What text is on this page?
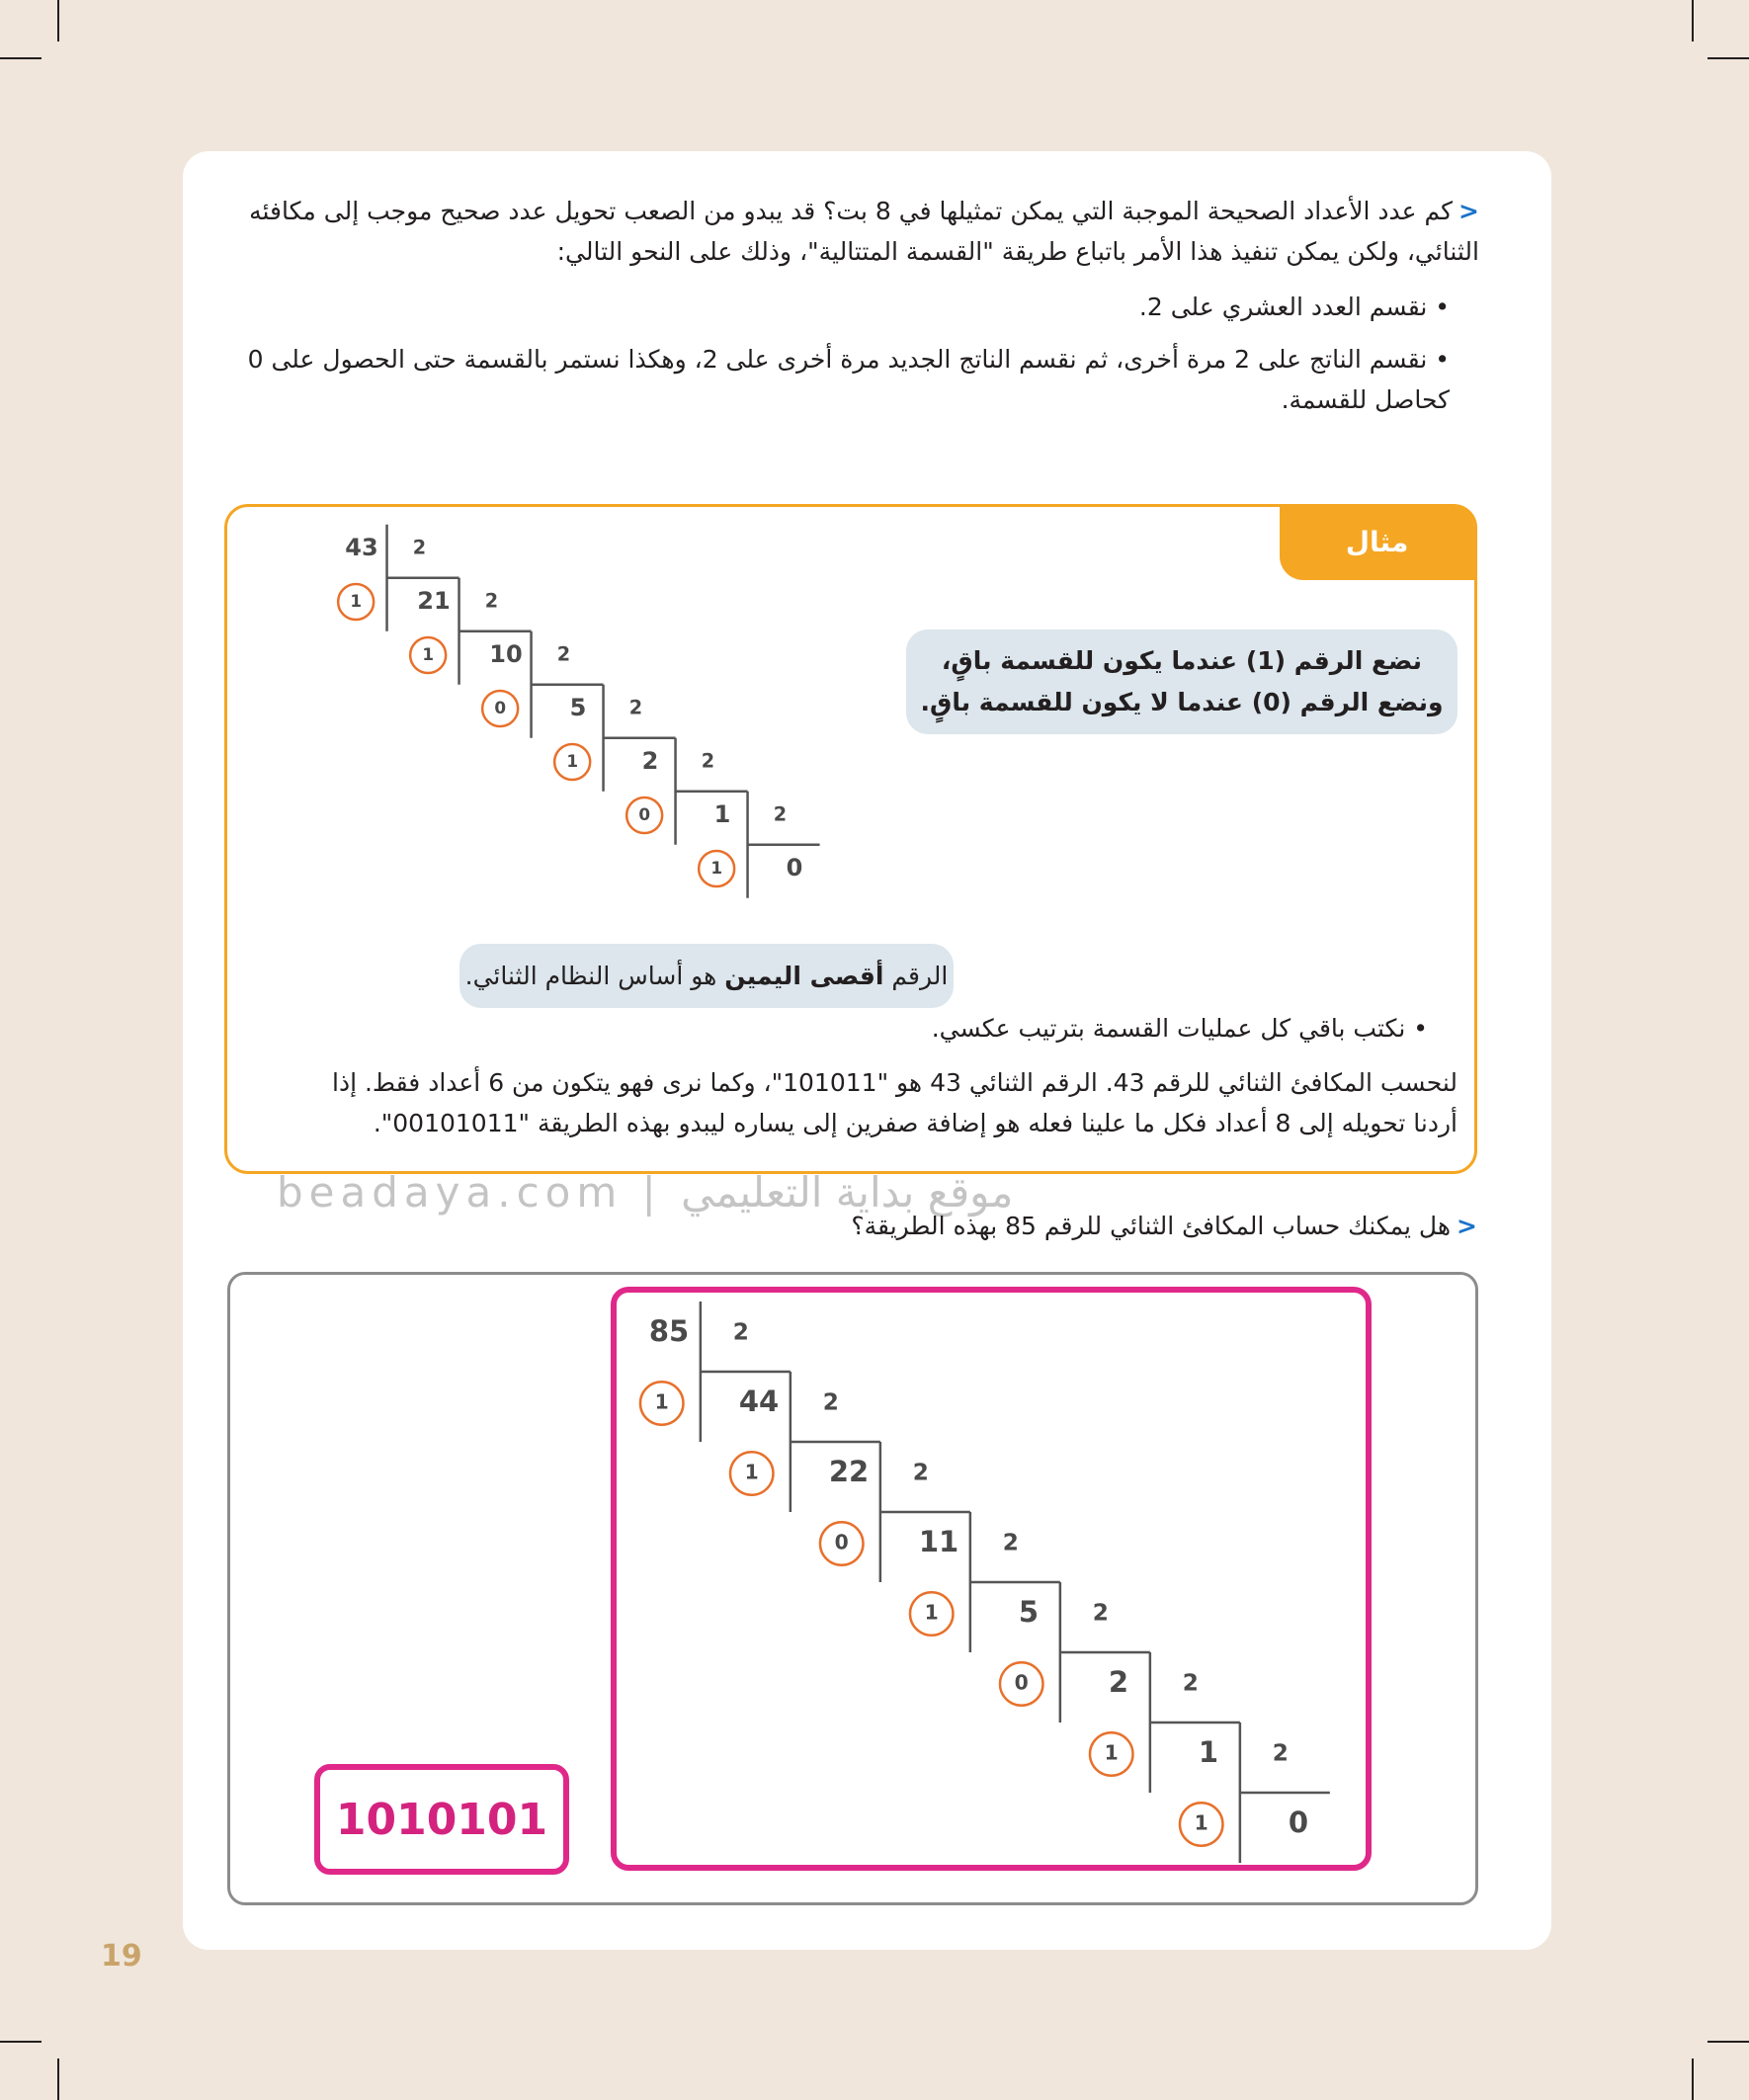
<كم عدد الأعداد الصحيحة الموجبة التي يمكن تمثيلها في 8 بت؟ قد يبدو من الصعب تحويل عدد صحيح موجب إلى مكافئه الثنائي، ولكن يمكن تنفيذ هذا الأمر باتباع طريقة "القسمة المتتالية"، وذلك على النحو التالي:
• نقسم العدد العشري على 2.
• نقسم الناتج على 2 مرة أخرى، ثم نقسم الناتج الجديد مرة أخرى على 2، وهكذا نستمر بالقسمة حتى الحصول على 0 كحاصل للقسمة.
مثال
نضع الرقم (1) عندما يكون للقسمة باقٍ،
ونضع الرقم (0) عندما لا يكون للقسمة باقٍ.
الرقم أقصى اليمين هو أساس النظام الثنائي.
• نكتب باقي كل عمليات القسمة بترتيب عكسي.
لنحسب المكافئ الثنائي للرقم 43. الرقم الثنائي 43 هو "101011"، وكما نرى فهو يتكون من 6 أعداد فقط. إذا أردنا تحويله إلى 8 أعداد فكل ما علينا فعله هو إضافة صفرين إلى يساره ليبدو بهذه الطريقة "00101011".
beadaya.com | موقع بداية التعليمي
<هل يمكنك حساب المكافئ الثنائي للرقم 85 بهذه الطريقة؟
1010101
43 2
1 21 2
1 10 2
0	5 2
1	2 2
0	1 2
1	0
85 2
1 44 2
1 22 2
0 11 2
1	5 2
0	2 2
1	1 2
1	0
19
